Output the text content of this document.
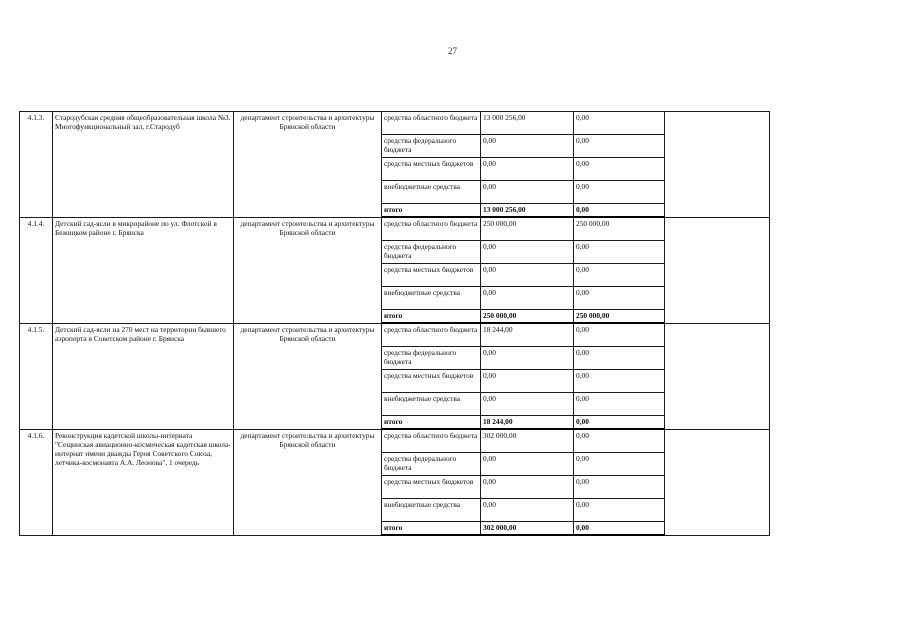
27
4.1.3.	Стародубская средняя общеобразовательная школа №3. Многофункциональный зал, г.Стародуб	департамент строительства и архитектуры Брянской области	средства областного бюджета	13 000 256,00	0,00	
			средства федерального бюджета	0,00	0,00	
			средства местных бюджетов	0,00	0,00	
			внебюджетные средства	0,00	0,00	
			итого	13 000 256,00	0,00	
4.1.4.	Детский сад-ясли в микрорайоне по ул. Флотской в Бежицком районе г. Брянска	департамент строительства и архитектуры Брянской области	средства областного бюджета	250 000,00	250 000,00	
			средства федерального бюджета	0,00	0,00	
			средства местных бюджетов	0,00	0,00	
			внебюджетные средства	0,00	0,00	
			итого	250 000,00	250 000,00	
4.1.5.	Детский сад-ясли на 270 мест на территории бывшего аэропорта в Советском районе г. Брянска	департамент строительства и архитектуры Брянской области	средства областного бюджета	18 244,00	0,00	
			средства федерального бюджета	0,00	0,00	
			средства местных бюджетов	0,00	0,00	
			внебюджетные средства	0,00	0,00	
			итого	18 244,00	0,00	
4.1.6.	Реконструкция кадетской школы-интерната "Сещинская авиационно-космическая кадетская школа-интернат имени дважды Героя Советского Союза, летчика-космонавта А.А. Леонова", 1 очередь	департамент строительства и архитектуры Брянской области	средства областного бюджета	302 000,00	0,00	
			средства федерального бюджета	0,00	0,00	
			средства местных бюджетов	0,00	0,00	
			внебюджетные средства	0,00	0,00	
			итого	302 000,00	0,00	
